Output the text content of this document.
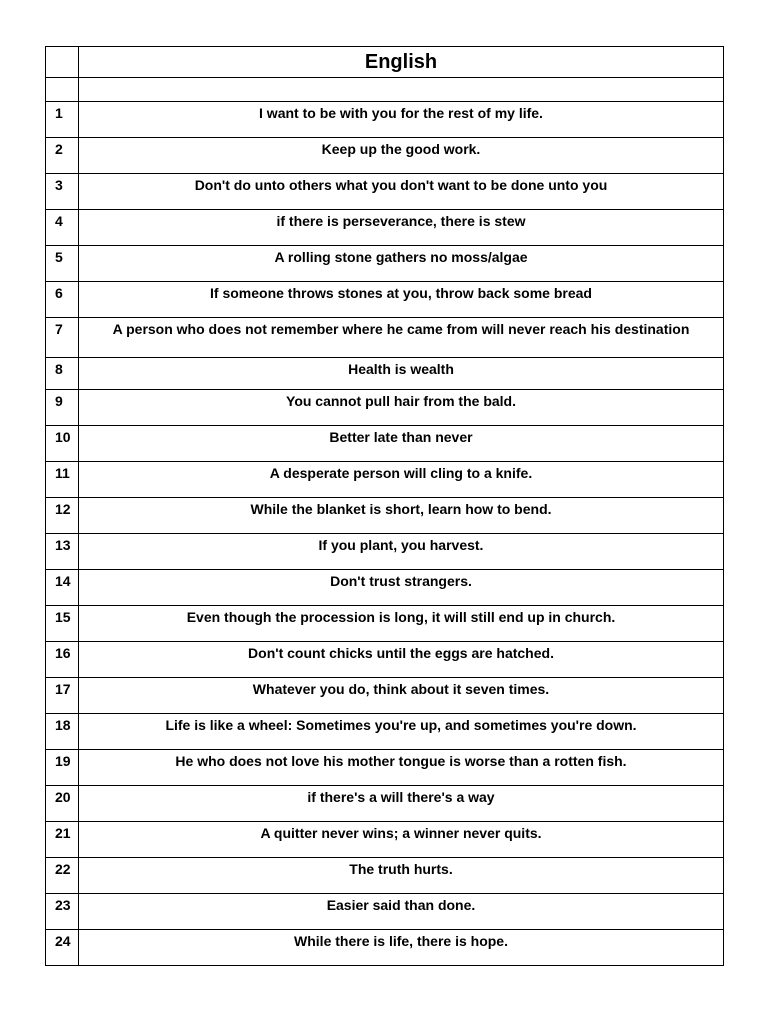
	English

1	I want to be with you for the rest of my life.
2	Keep up the good work.
3	Don't do unto others what you don't want to be done unto you
4	if there is perseverance, there is stew
5	A rolling stone gathers no moss/algae
6	If someone throws stones at you, throw back some bread
7	A person who does not remember where he came from will never reach his destination
8	Health is wealth
9	You cannot pull hair from the bald.
10	Better late than never
11	A desperate person will cling to a knife.
12	While the blanket is short, learn how to bend.
13	If you plant, you harvest.
14	Don't trust strangers.
15	Even though the procession is long, it will still end up in church.
16	Don't count chicks until the eggs are hatched.
17	Whatever you do, think about it seven times.
18	Life is like a wheel: Sometimes you're up, and sometimes you're down.
19	He who does not love his mother tongue is worse than a rotten fish.
20	if there's a will there's a way
21	A quitter never wins; a winner never quits.
22	The truth hurts.
23	Easier said than done.
24	While there is life, there is hope.
